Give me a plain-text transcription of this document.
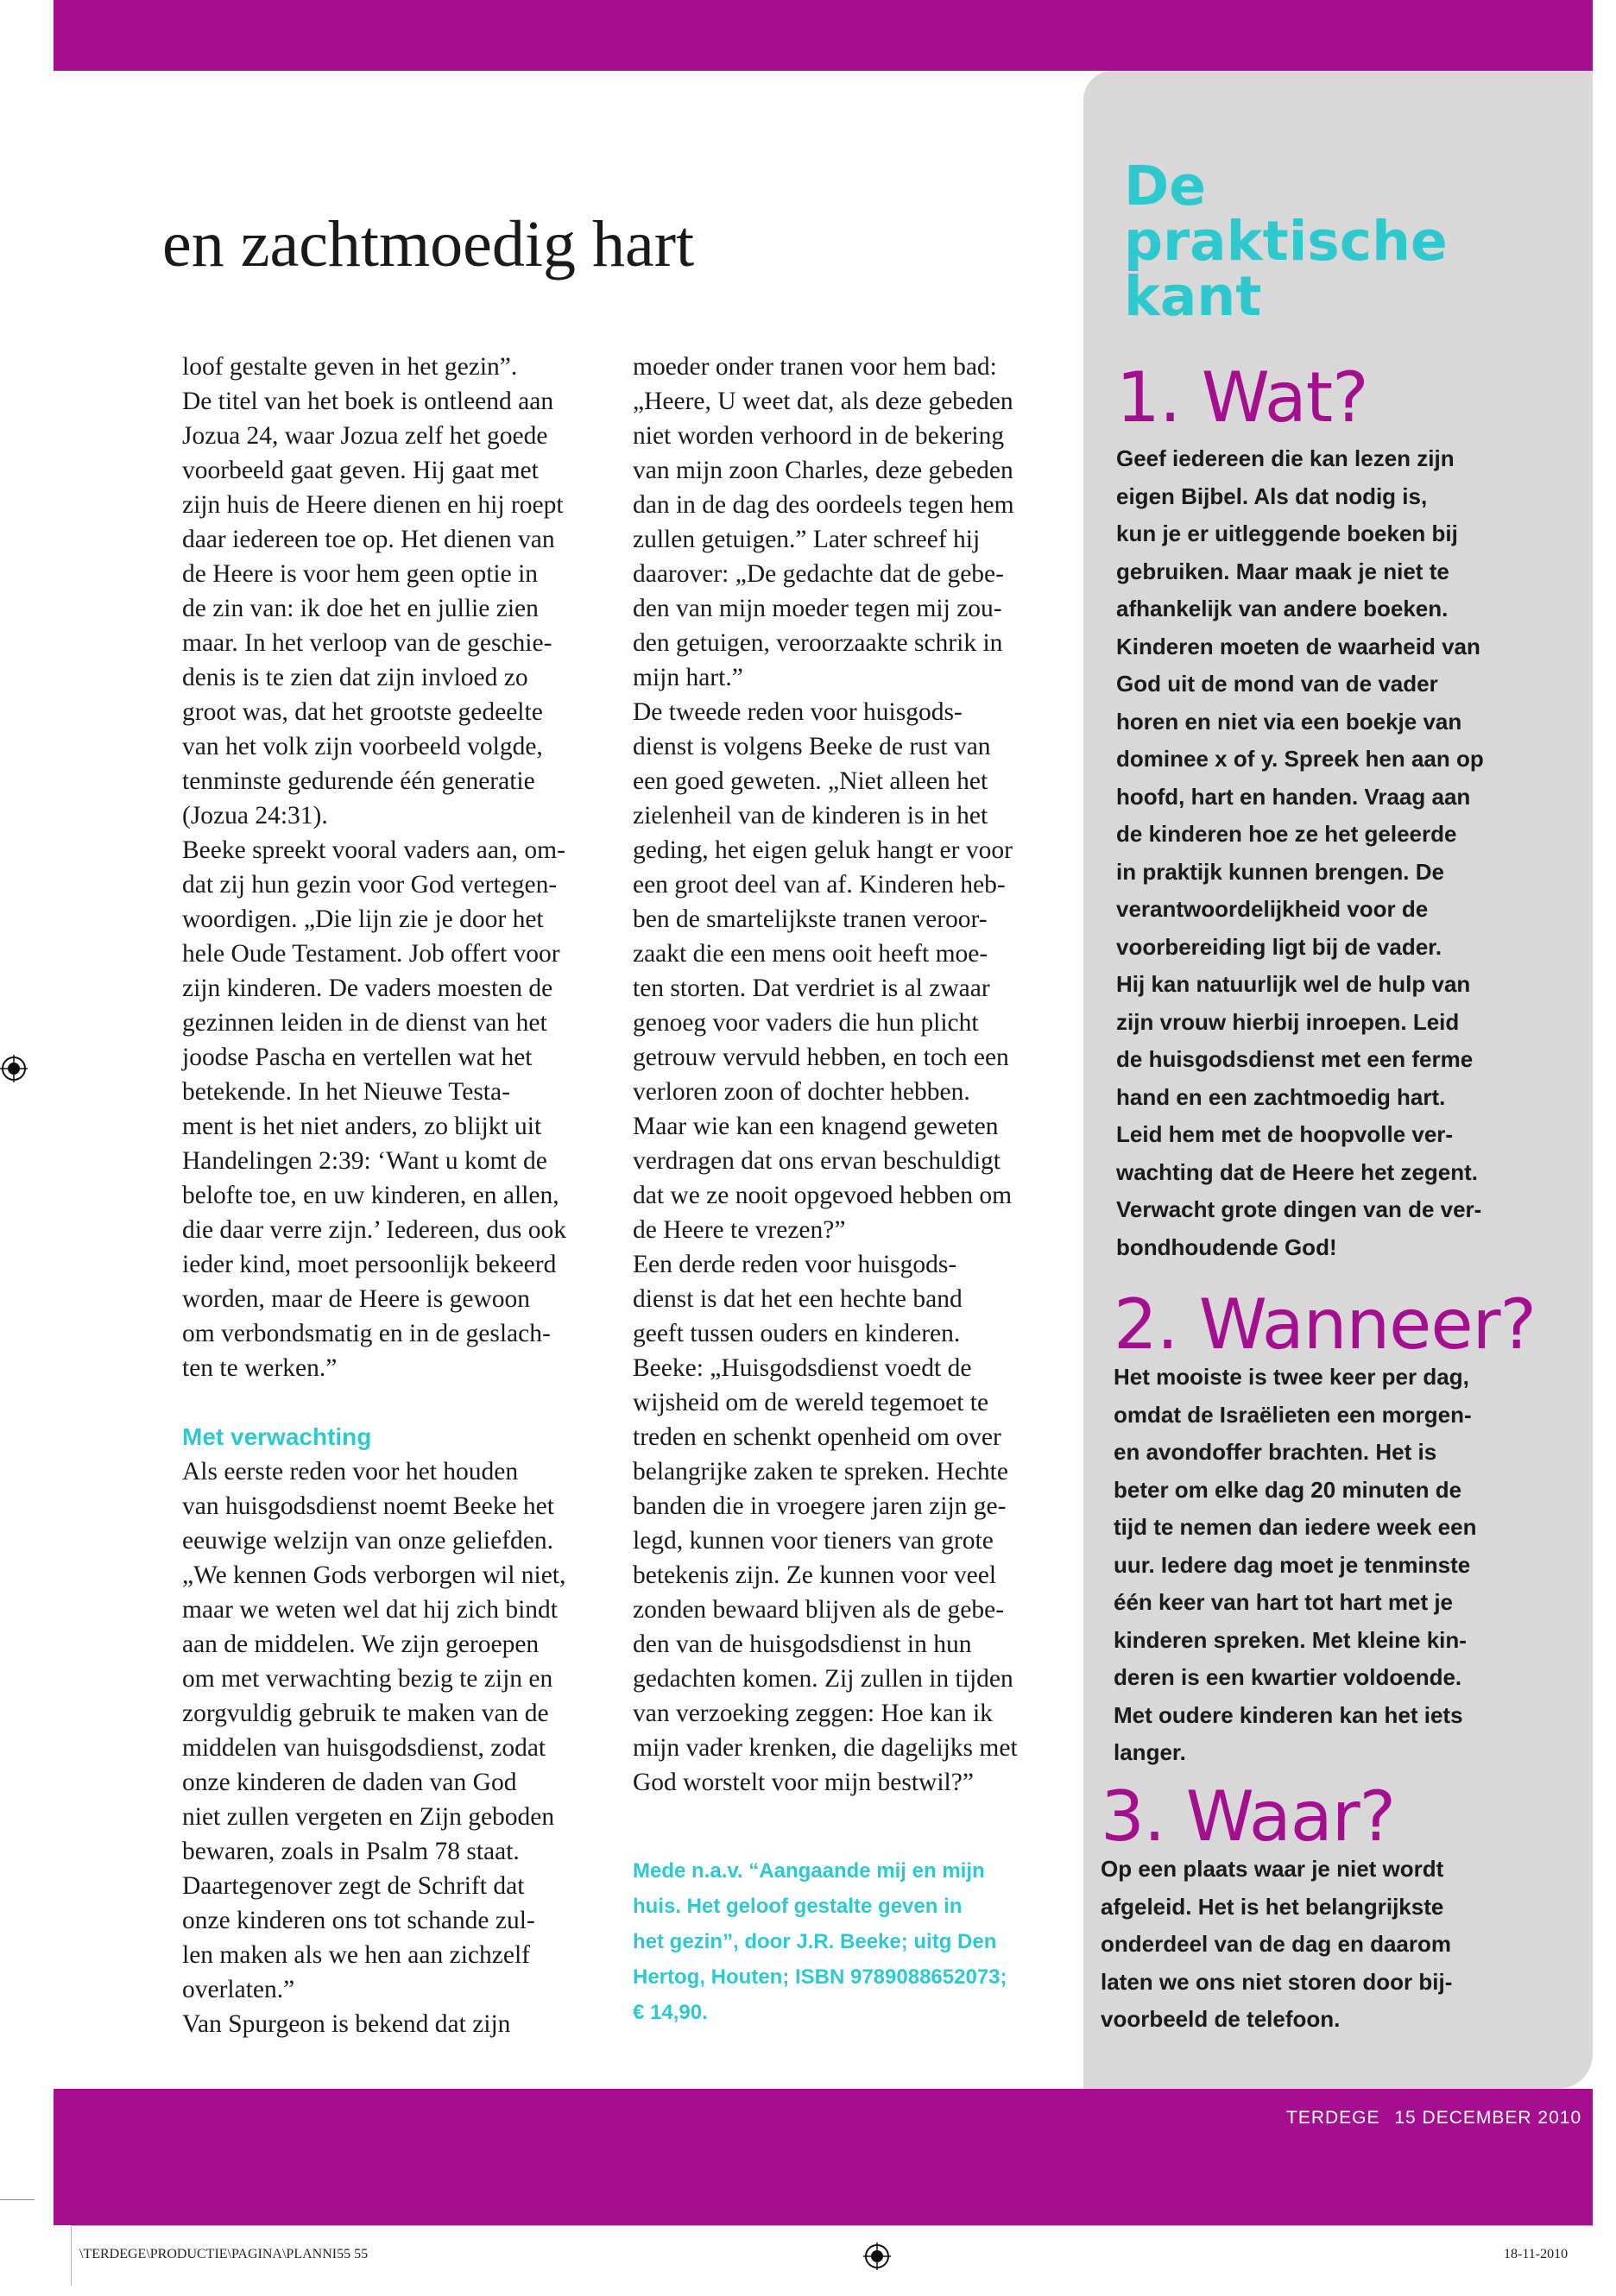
en zachtmoedig hart

loof gestalte geven in het gezin”.

De titel van het boek is ontleend aan

Jozua 24, waar Jozua zelf het goede

voorbeeld gaat geven. Hij gaat met

zijn huis de Heere dienen en hij roept

daar iedereen toe op. Het dienen van

de Heere is voor hem geen optie in

de zin van: ik doe het en jullie zien

maar. In het verloop van de geschie-

denis is te zien dat zijn invloed zo

groot was, dat het grootste gedeelte

van het volk zijn voorbeeld volgde,

tenminste gedurende één generatie

(Jozua 24:31).

Beeke spreekt vooral vaders aan, om-

dat zij hun gezin voor God vertegen-

woordigen. „Die lijn zie je door het

hele Oude Testament. Job offert voor

zijn kinderen. De vaders moesten de

gezinnen leiden in de dienst van het

joodse Pascha en vertellen wat het

betekende. In het Nieuwe Testa-

ment is het niet anders, zo blijkt uit

Handelingen 2:39: ‘Want u komt de

belofte toe, en uw kinderen, en allen,

die daar verre zijn.’ Iedereen, dus ook

ieder kind, moet persoonlijk bekeerd

worden, maar de Heere is gewoon

om verbondsmatig en in de geslach-

ten te werken.”

Met verwachting

Als eerste reden voor het houden

van huisgodsdienst noemt Beeke het

eeuwige welzijn van onze geliefden.

„We kennen Gods verborgen wil niet,

maar we weten wel dat hij zich bindt

aan de middelen. We zijn geroepen

om met verwachting bezig te zijn en

zorgvuldig gebruik te maken van de

middelen van huisgodsdienst, zodat

onze kinderen de daden van God

niet zullen vergeten en Zijn geboden

bewaren, zoals in Psalm 78 staat.

Daartegenover zegt de Schrift dat

onze kinderen ons tot schande zul-

len maken als we hen aan zichzelf

overlaten.”

Van Spurgeon is bekend dat zijn

moeder onder tranen voor hem bad:

„Heere, U weet dat, als deze gebeden

niet worden verhoord in de bekering

van mijn zoon Charles, deze gebeden

dan in de dag des oordeels tegen hem

zullen getuigen.” Later schreef hij

daarover: „De gedachte dat de gebe-

den van mijn moeder tegen mij zou-

den getuigen, veroorzaakte schrik in

mijn hart.”

De tweede reden voor huisgods-

dienst is volgens Beeke de rust van

een goed geweten. „Niet alleen het

zielenheil van de kinderen is in het

geding, het eigen geluk hangt er voor

een groot deel van af. Kinderen heb-

ben de smartelijkste tranen veroor-

zaakt die een mens ooit heeft moe-

ten storten. Dat verdriet is al zwaar

genoeg voor vaders die hun plicht

getrouw vervuld hebben, en toch een

verloren zoon of dochter hebben.

Maar wie kan een knagend geweten

verdragen dat ons ervan beschuldigt

dat we ze nooit opgevoed hebben om

de Heere te vrezen?”

Een derde reden voor huisgods-

dienst is dat het een hechte band

geeft tussen ouders en kinderen.

Beeke: „Huisgodsdienst voedt de

wijsheid om de wereld tegemoet te

treden en schenkt openheid om over

belangrijke zaken te spreken. Hechte

banden die in vroegere jaren zijn ge-

legd, kunnen voor tieners van grote

betekenis zijn. Ze kunnen voor veel

zonden bewaard blijven als de gebe-

den van de huisgodsdienst in hun

gedachten komen. Zij zullen in tijden

van verzoeking zeggen: Hoe kan ik

mijn vader krenken, die dagelijks met

God worstelt voor mijn bestwil?”

Mede n.a.v. “Aangaande mij en mijn

huis. Het geloof gestalte geven in

het gezin”, door J.R. Beeke; uitg Den

Hertog, Houten; ISBN 9789088652073;

€ 14,90.

De

praktische

kant

1. Wat?

Geef iedereen die kan lezen zijn

eigen Bijbel. Als dat nodig is,

kun je er uitleggende boeken bij

gebruiken. Maar maak je niet te

afhankelijk van andere boeken.

Kinderen moeten de waarheid van

God uit de mond van de vader

horen en niet via een boekje van

dominee x of y. Spreek hen aan op

hoofd, hart en handen. Vraag aan

de kinderen hoe ze het geleerde

in praktijk kunnen brengen. De

verantwoordelijkheid voor de

voorbereiding ligt bij de vader.

Hij kan natuurlijk wel de hulp van

zijn vrouw hierbij inroepen. Leid

de huisgodsdienst met een ferme

hand en een zachtmoedig hart.

Leid hem met de hoopvolle ver-

wachting dat de Heere het zegent.

Verwacht grote dingen van de ver-

bondhoudende God!

2. Wanneer?

Het mooiste is twee keer per dag,

omdat de Israëlieten een morgen-

en avondoffer brachten. Het is

beter om elke dag 20 minuten de

tijd te nemen dan iedere week een

uur. Iedere dag moet je tenminste

één keer van hart tot hart met je

kinderen spreken. Met kleine kin-

deren is een kwartier voldoende.

Met oudere kinderen kan het iets

langer.

3. Waar?

Op een plaats waar je niet wordt

afgeleid. Het is het belangrijkste

onderdeel van de dag en daarom

laten we ons niet storen door bij-

voorbeeld de telefoon.

TERDEGE 15 DECEMBER 2010 55
\TERDEGE\PRODUCTIE\PAGINA\PLANNI55 55	18-11-2010
